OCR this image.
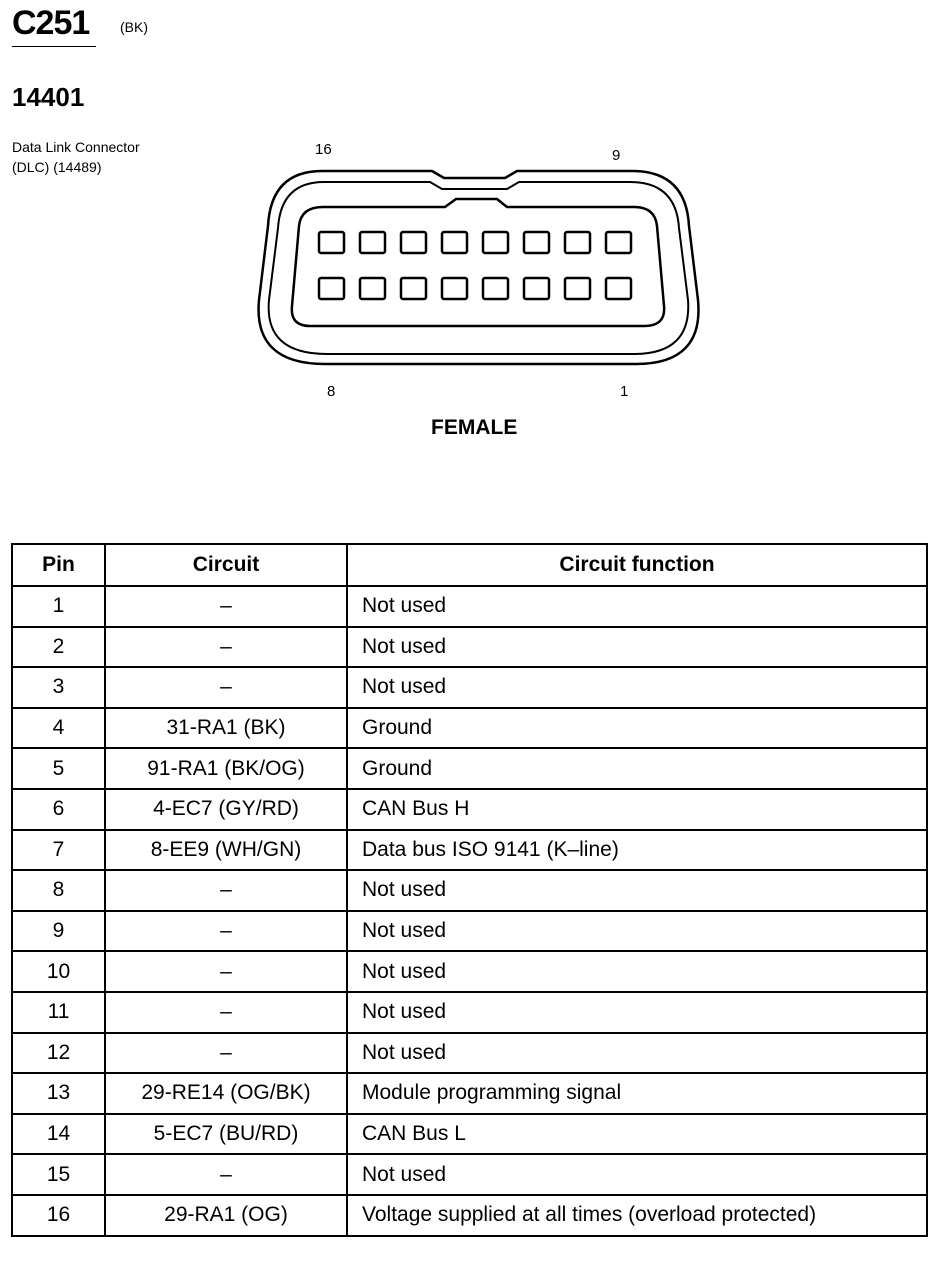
C251 (BK)
14401
Data Link Connector
(DLC) (14489)
16	9
8	1
FEMALE
Pin	Circuit	Circuit function
1	–	Not used
2	–	Not used
3	–	Not used
4	31-RA1 (BK)	Ground
5	91-RA1 (BK/OG)	Ground
6	4-EC7 (GY/RD)	CAN Bus H
7	8-EE9 (WH/GN)	Data bus ISO 9141 (K–line)
8	–	Not used
9	–	Not used
10	–	Not used
11	–	Not used
12	–	Not used
13	29-RE14 (OG/BK)	Module programming signal
14	5-EC7 (BU/RD)	CAN Bus L
15	–	Not used
16	29-RA1 (OG)	Voltage supplied at all times (overload protected)
